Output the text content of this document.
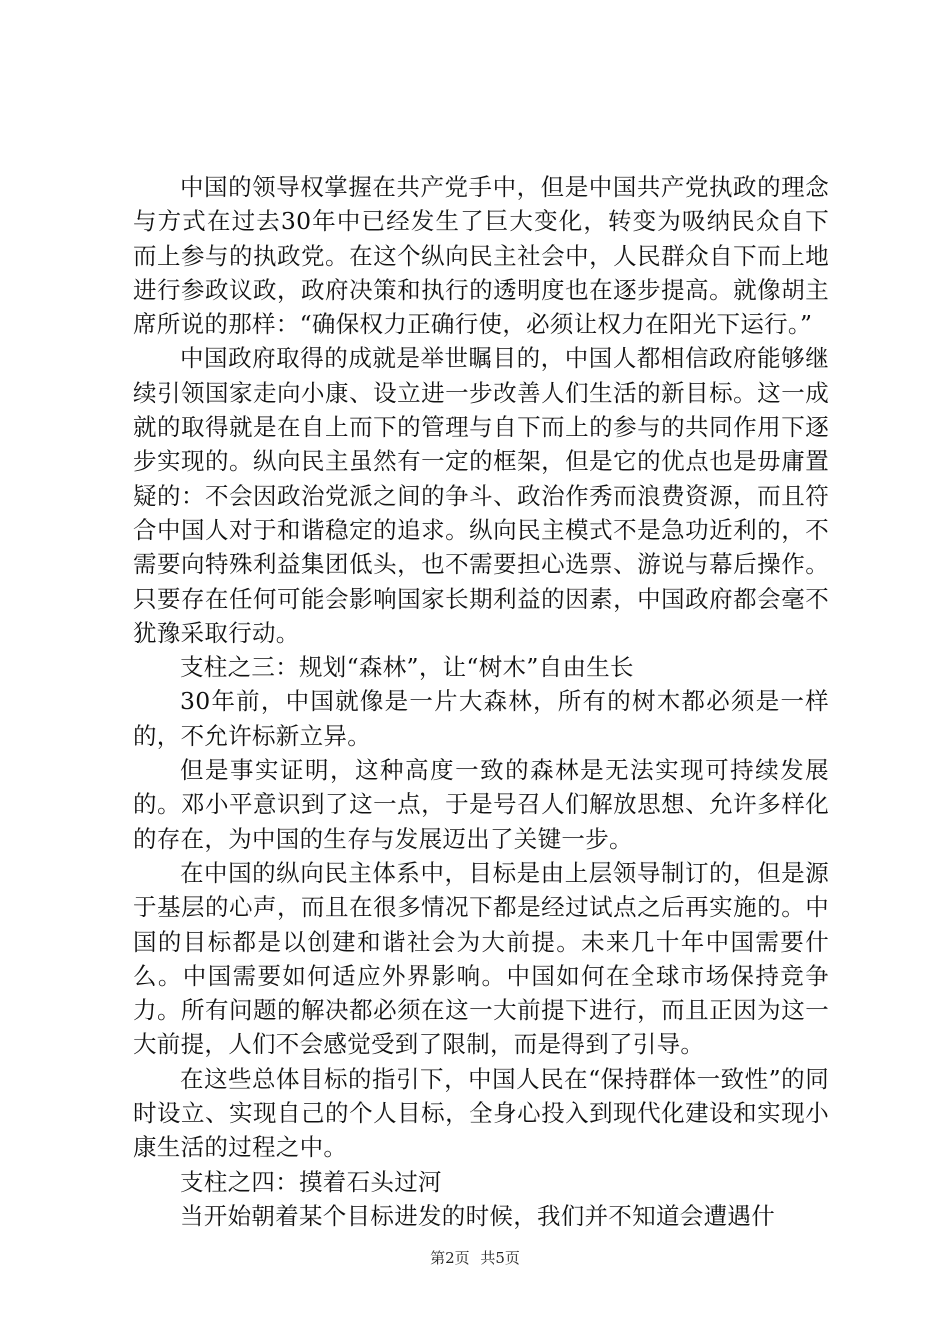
中国的领导权掌握在共产党手中，但是中国共产党执政的理念与方式在过去30年中已经发生了巨大变化，转变为吸纳民众自下而上参与的执政党。在这个纵向民主社会中，人民群众自下而上地进行参政议政，政府决策和执行的透明度也在逐步提高。就像胡主席所说的那样：“确保权力正确行使，必须让权力在阳光下运行。”

中国政府取得的成就是举世瞩目的，中国人都相信政府能够继续引领国家走向小康、设立进一步改善人们生活的新目标。这一成就的取得就是在自上而下的管理与自下而上的参与的共同作用下逐步实现的。纵向民主虽然有一定的框架，但是它的优点也是毋庸置疑的：不会因政治党派之间的争斗、政治作秀而浪费资源，而且符合中国人对于和谐稳定的追求。纵向民主模式不是急功近利的，不需要向特殊利益集团低头，也不需要担心选票、游说与幕后操作。只要存在任何可能会影响国家长期利益的因素，中国政府都会毫不犹豫采取行动。

支柱之三：规划“森林”，让“树木”自由生长

30年前，中国就像是一片大森林，所有的树木都必须是一样的，不允许标新立异。

但是事实证明，这种高度一致的森林是无法实现可持续发展的。邓小平意识到了这一点，于是号召人们解放思想、允许多样化的存在，为中国的生存与发展迈出了关键一步。

在中国的纵向民主体系中，目标是由上层领导制订的，但是源于基层的心声，而且在很多情况下都是经过试点之后再实施的。中国的目标都是以创建和谐社会为大前提。未来几十年中国需要什么。中国需要如何适应外界影响。中国如何在全球市场保持竞争力。所有问题的解决都必须在这一大前提下进行，而且正因为这一大前提，人们不会感觉受到了限制，而是得到了引导。

在这些总体目标的指引下，中国人民在“保持群体一致性”的同时设立、实现自己的个人目标，全身心投入到现代化建设和实现小康生活的过程之中。

支柱之四：摸着石头过河

当开始朝着某个目标进发的时候，我们并不知道会遭遇什

第2页 共5页
